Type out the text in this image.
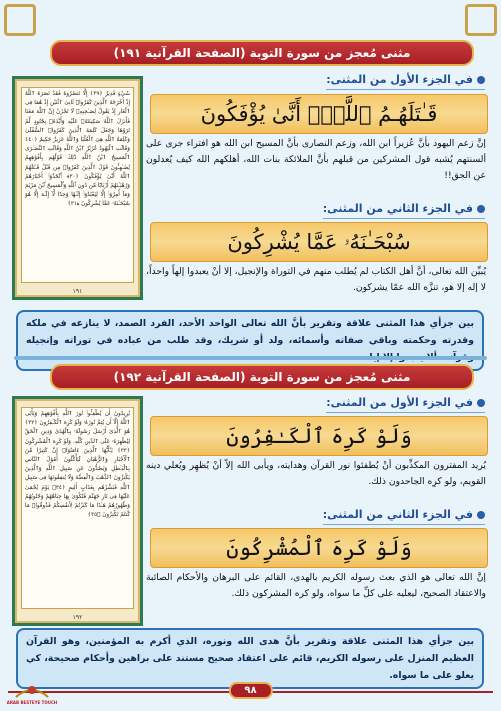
مثنى مُعجز من سورة التوبة (الصفحة القرآنية ١٩١)
شَيْءٍ قَدِيرٌ ﴿٣٩﴾ إِلَّا تَنصُرُوهُ فَقَدْ نَصَرَهُ ٱللَّهُ إِذْ أَخْرَجَهُ ٱلَّذِينَ كَفَرُوا۟ ثَانِىَ ٱثْنَيْنِ إِذْ هُمَا فِى ٱلْغَارِ إِذْ يَقُولُ لِصَـٰحِبِهِۦ لَا تَحْزَنْ إِنَّ ٱللَّهَ مَعَنَا فَأَنزَلَ ٱللَّهُ سَكِينَتَهُۥ عَلَيْهِ وَأَيَّدَهُۥ بِجُنُودٍ لَّمْ تَرَوْهَا وَجَعَلَ كَلِمَةَ ٱلَّذِينَ كَفَرُوا۟ ٱلسُّفْلَىٰ وَكَلِمَةُ ٱللَّهِ هِىَ ٱلْعُلْيَا وَٱللَّهُ عَزِيزٌ حَكِيمٌ ﴿٤٠﴾ وَقَالَتِ ٱلْيَهُودُ عُزَيْرٌ ٱبْنُ ٱللَّهِ وَقَالَتِ ٱلنَّصَـٰرَى ٱلْمَسِيحُ ٱبْنُ ٱللَّهِ ذَٰلِكَ قَوْلُهُم بِأَفْوَٰهِهِمْ يُضَـٰهِـُٔونَ قَوْلَ ٱلَّذِينَ كَفَرُوا۟ مِن قَبْلُ قَـٰتَلَهُمُ ٱللَّهُ أَنَّىٰ يُؤْفَكُونَ ﴿٣٠﴾ ٱتَّخَذُوٓا۟ أَحْبَارَهُمْ وَرُهْبَـٰنَهُمْ أَرْبَابًا مِّن دُونِ ٱللَّهِ وَٱلْمَسِيحَ ٱبْنَ مَرْيَمَ وَمَآ أُمِرُوٓا۟ إِلَّا لِيَعْبُدُوٓا۟ إِلَـٰهًا وَٰحِدًا لَّآ إِلَـٰهَ إِلَّا هُوَ سُبْحَـٰنَهُۥ عَمَّا يُشْرِكُونَ ﴿٣١﴾
١٩١
في الجزء الأول من المثنى:
قَـٰتَلَهُـمُ ٱللَّهُۚ أَنَّىٰ يُؤْفَكُونَ
إنَّ زعم اليهود بأنَّ عُزيراً ابن الله، وزعم النصارى بأنَّ المسيح ابن الله هو افتراء جرى على ألسنتهم يُشبه قول المشركين من قبلهم بأنَّ الملائكة بنات الله، أهلكهم الله كيف يُعدلون عن الحق!!
في الجزء الثاني من المثنى:
سُبْحَـٰنَهُۥ عَمَّا يُشْرِكُونَ
يُبيِّن الله تعالى، أنَّ أهل الكتاب لم يُطلب منهم في التوراة والإنجيل، إلا أنْ يعبدوا إلهاً واحداً، لا إله إلا هو، تنزَّه الله عمّا يشركون.
بين جزأي هذا المثنى علاقة وتقرير بأنَّ الله تعالى الواحد الأحد، الفرد الصمد، لا ينازعه في ملكه وقدرته وحكمته وباقي صفاته وأسمائه، ولد أو شريك، وقد طلب من عباده في توراته وإنجيله
مثنى مُعجز من سورة التوبة (الصفحة القرآنية ١٩٢)
يُرِيدُونَ أَن يُطْفِـُٔوا۟ نُورَ ٱللَّهِ بِأَفْوَٰهِهِمْ وَيَأْبَى ٱللَّهُ إِلَّآ أَن يُتِمَّ نُورَهُۥ وَلَوْ كَرِهَ ٱلْكَـٰفِرُونَ ﴿٣٢﴾ هُوَ ٱلَّذِىٓ أَرْسَلَ رَسُولَهُۥ بِٱلْهُدَىٰ وَدِينِ ٱلْحَقِّ لِيُظْهِرَهُۥ عَلَى ٱلدِّينِ كُلِّهِۦ وَلَوْ كَرِهَ ٱلْمُشْرِكُونَ ﴿٣٣﴾ يَـٰٓأَيُّهَا ٱلَّذِينَ ءَامَنُوٓا۟ إِنَّ كَثِيرًا مِّنَ ٱلْأَحْبَارِ وَٱلرُّهْبَانِ لَيَأْكُلُونَ أَمْوَٰلَ ٱلنَّاسِ بِٱلْبَـٰطِلِ وَيَصُدُّونَ عَن سَبِيلِ ٱللَّهِ وَٱلَّذِينَ يَكْنِزُونَ ٱلذَّهَبَ وَٱلْفِضَّةَ وَلَا يُنفِقُونَهَا فِى سَبِيلِ ٱللَّهِ فَبَشِّرْهُم بِعَذَابٍ أَلِيمٍ ﴿٣٤﴾ يَوْمَ يُحْمَىٰ عَلَيْهَا فِى نَارِ جَهَنَّمَ فَتُكْوَىٰ بِهَا جِبَاهُهُمْ وَجُنُوبُهُمْ وَظُهُورُهُمْ هَـٰذَا مَا كَنَزْتُمْ لِأَنفُسِكُمْ فَذُوقُوا۟ مَا كُنتُمْ تَكْنِزُونَ ﴿٣٥﴾
١٩٢
في الجزء الأول من المثنى:
وَلَوْ كَرِهَ ٱلْكَـٰفِرُونَ
يُريد المفترون المكذِّبون أنْ يُطفئوا نور القرآن وهدايته، ويأبى الله إلاّ أنْ يُظهِر ويُعلي دينه القويم، ولو كرِه الجاحدون ذلك.
في الجزء الثاني من المثنى:
وَلَوْ كَرِهَ ٱلْمُشْرِكُونَ
إنَّ الله تعالى هو الذي بعث رسوله الكريم بالهدى، القائم على البرهان والأحكام الصائبة والاعتقاد الصحيح، ليعليه على كلِّ ما سواه، ولو كره المشركون ذلك.
بين جزأي هذا المثنى علاقة وتقرير بأنَّ هدى الله ونوره، الذي أكرم به المؤمنين، وهو القرآن العظيم المنزل على رسوله الكريم، قائم على اعتقاد صحيح مستند على براهين وأحكام صحيحة، كي يعلو على ما سواه.
٩٨
ARAB BESTEYE TOUCH
